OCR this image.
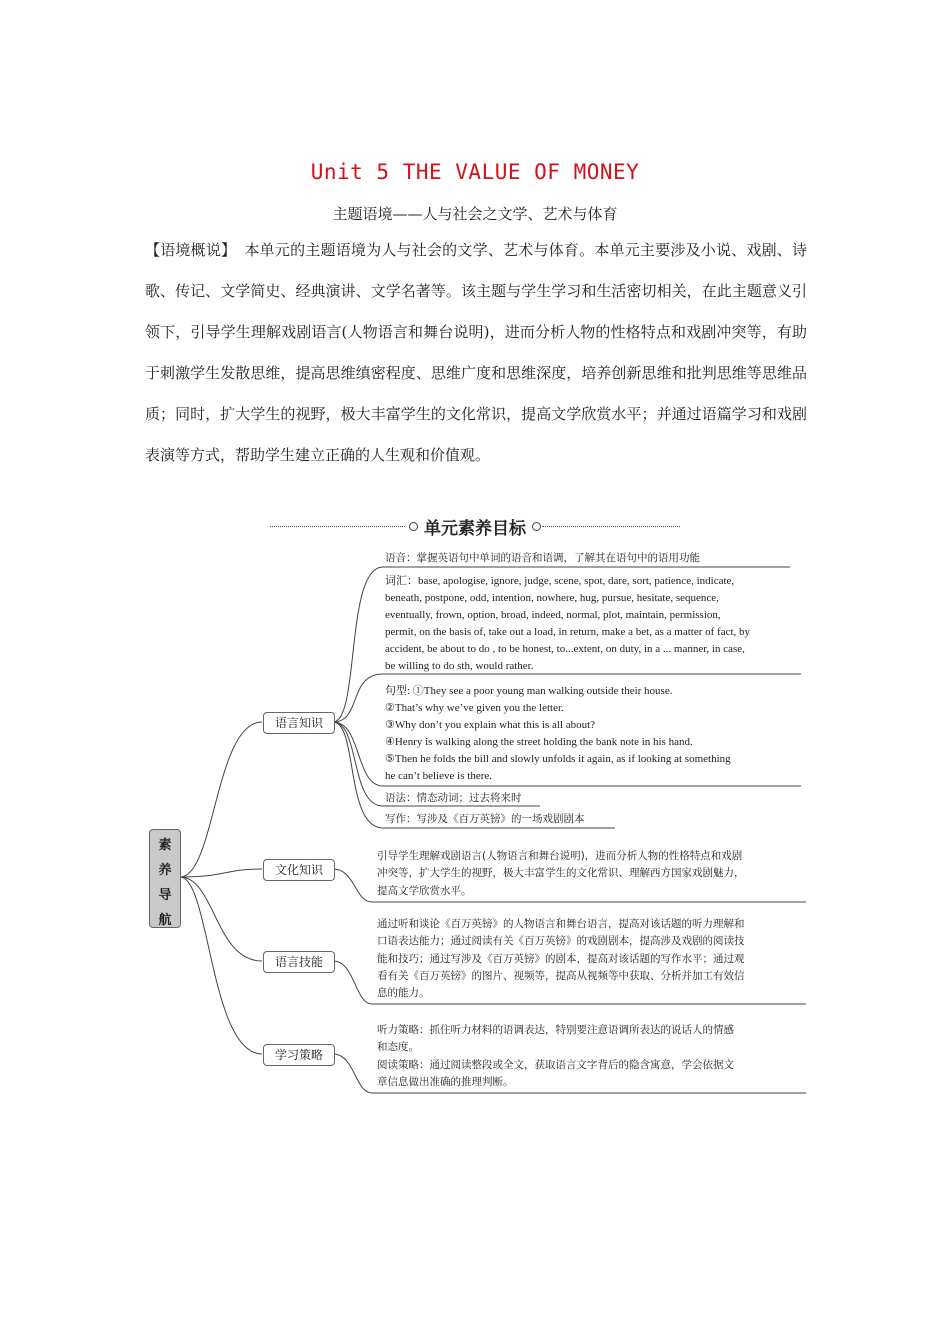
Unit 5 THE VALUE OF MONEY
主题语境——人与社会之文学、艺术与体育
【语境概说】 本单元的主题语境为人与社会的文学、艺术与体育。本单元主要涉及小说、戏剧、诗歌、传记、文学简史、经典演讲、文学名著等。该主题与学生学习和生活密切相关，在此主题意义引领下，引导学生理解戏剧语言(人物语言和舞台说明)，进而分析人物的性格特点和戏剧冲突等，有助于刺激学生发散思维，提高思维缜密程度、思维广度和思维深度，培养创新思维和批判思维等思维品质；同时，扩大学生的视野，极大丰富学生的文化常识，提高文学欣赏水平；并通过语篇学习和戏剧表演等方式，帮助学生建立正确的人生观和价值观。
单元素养目标
素
养
导
航
语言知识
文化知识
语言技能
学习策略
语音：掌握英语句中单词的语音和语调，了解其在语句中的语用功能
词汇：base, apologise, ignore, judge, scene, spot, dare, sort, patience, indicate,
beneath, postpone, odd, intention, nowhere, hug, pursue, hesitate, sequence,
eventually, frown, option, broad, indeed, normal, plot, maintain, permission,
permit, on the basis of, take out a load, in return, make a bet, as a matter of fact, by
accident, be about to do , to be honest, to...extent, on duty, in a ... manner, in case,
be willing to do sth, would rather.
句型: ①They see a poor young man walking outside their house.
②That’s why we’ve given you the letter.
③Why don’t you explain what this is all about?
④Henry is walking along the street holding the bank note in his hand.
⑤Then he folds the bill and slowly unfolds it again, as if looking at something
he can’t believe is there.
语法：情态动词；过去将来时
写作：写涉及《百万英镑》的一场戏剧剧本
引导学生理解戏剧语言(人物语言和舞台说明)，进而分析人物的性格特点和戏剧
冲突等，扩大学生的视野，极大丰富学生的文化常识、理解西方国家戏剧魅力，
提高文学欣赏水平。
通过听和谈论《百万英镑》的人物语言和舞台语言，提高对该话题的听力理解和
口语表达能力；通过阅读有关《百万英镑》的戏剧剧本，提高涉及戏剧的阅读技
能和技巧；通过写涉及《百万英镑》的剧本，提高对该话题的写作水平；通过观
看有关《百万英镑》的图片、视频等，提高从视频等中获取、分析并加工有效信
息的能力。
听力策略：抓住听力材料的语调表达，特别要注意语调所表达的说话人的情感
和态度。
阅读策略：通过阅读整段或全文，获取语言文字背后的隐含寓意，学会依据文
章信息做出准确的推理判断。
